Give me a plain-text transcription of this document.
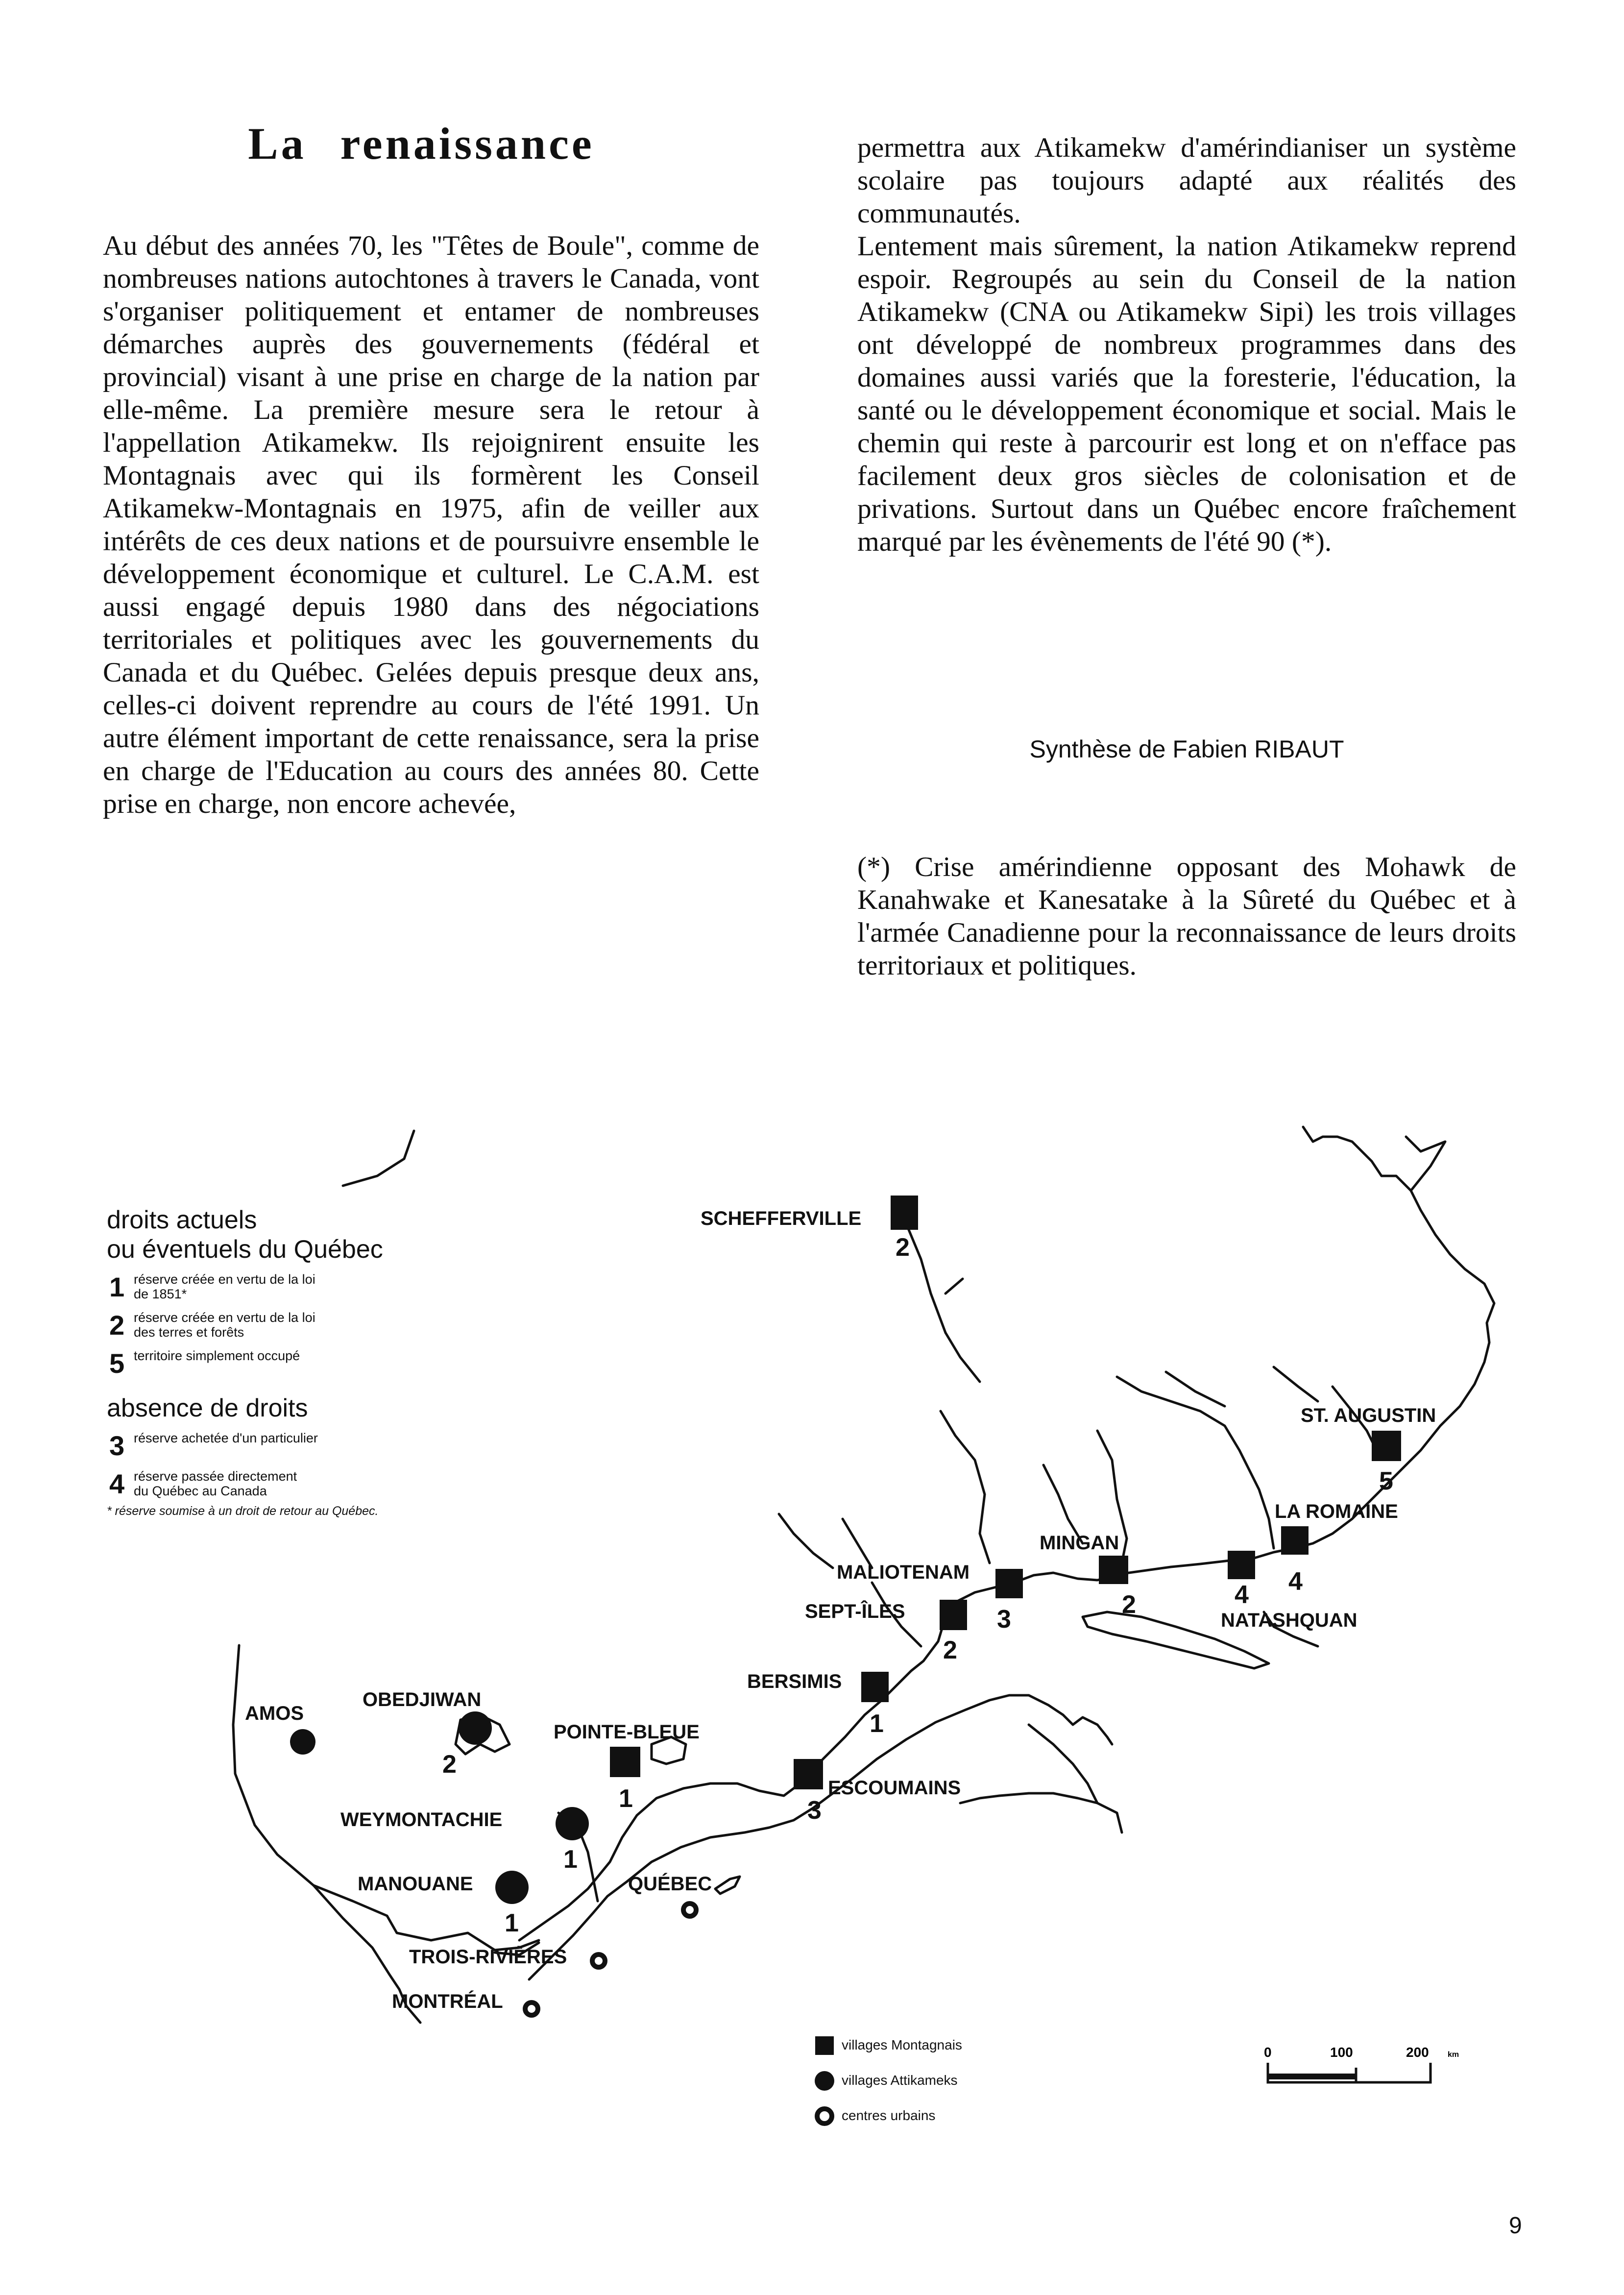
La renaissance

Au début des années 70, les "Têtes de Boule", comme de nombreuses nations autochtones à travers le Canada, vont s'organiser politiquement et entamer de nombreuses démarches auprès des gouvernements (fédéral et provincial) visant à une prise en charge de la nation par elle-même. La première mesure sera le retour à l'appellation Atikamekw. Ils rejoignirent ensuite les Montagnais avec qui ils formèrent les Conseil Atikamekw-Montagnais en 1975, afin de veiller aux intérêts de ces deux nations et de poursuivre ensemble le développement économique et culturel. Le C.A.M. est aussi engagé depuis 1980 dans des négociations territoriales et politiques avec les gouvernements du Canada et du Québec. Gelées depuis presque deux ans, celles-ci doivent reprendre au cours de l'été 1991. Un autre élément important de cette renaissance, sera la prise en charge de l'Education au cours des années 80. Cette prise en charge, non encore achevée,

permettra aux Atikamekw d'amérindianiser un système scolaire pas toujours adapté aux réalités des communautés.

Lentement mais sûrement, la nation Atikamekw reprend espoir. Regroupés au sein du Conseil de la nation Atikamekw (CNA ou Atikamekw Sipi) les trois villages ont développé de nombreux programmes dans des domaines aussi variés que la foresterie, l'éducation, la santé ou le développement économique et social. Mais le chemin qui reste à parcourir est long et on n'efface pas facilement deux gros siècles de colonisation et de privations. Surtout dans un Québec encore fraîchement marqué par les évènements de l'été 90 (*).

Synthèse de Fabien RIBAUT

(*) Crise amérindienne opposant des Mohawk de Kanahwake et Kanesatake à la Sûreté du Québec et à l'armée Canadienne pour la reconnaissance de leurs droits territoriaux et politiques.

SCHEFFERVILLE
ST. AUGUSTIN
LA ROMAINE
MINGAN
MALIOTENAM
SEPT-ÎLES	NATASHQUAN
BERSIMIS
AMOS
OBEDJIWAN
POINTE-BLEUE
ESCOUMAINS
WEYMONTACHIE
MANOUANE	QUÉBEC
TROIS-RIVIÈRES
MONTRÉAL
2
5
4
4
2
3
2
1
3
1
2
1
1
droits actuels
ou éventuels du Québec
1 réserve créée en vertu de la loi
de 1851*
2 réserve créée en vertu de la loi
des terres et forêts
5 territoire simplement occupé
absence de droits
3 réserve achetée d'un particulier
4 réserve passée directement
du Québec au Canada
* réserve soumise à un droit de retour au Québec.
villages Montagnais
villages Attikameks
centres urbains
0	100	200 km
9
